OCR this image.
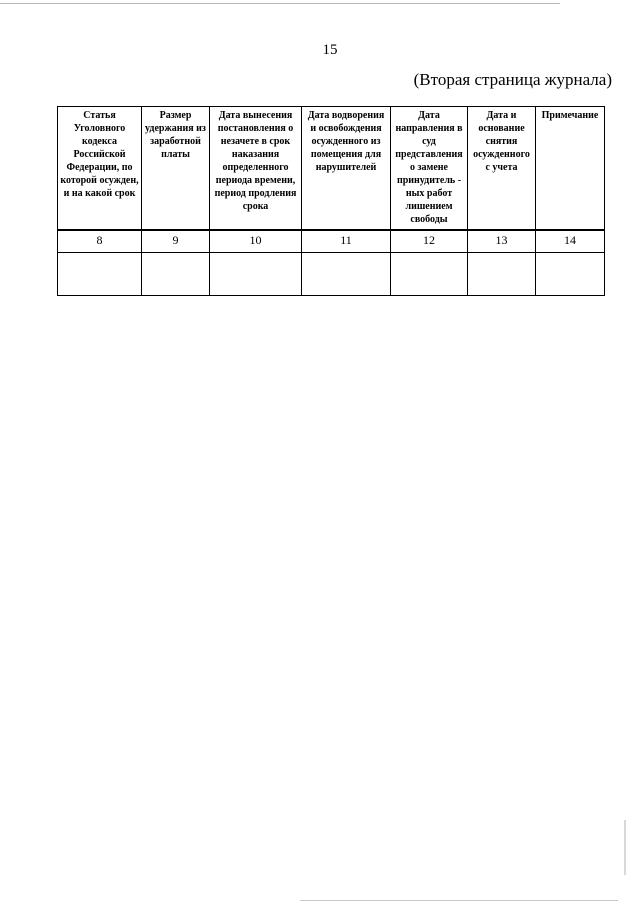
15
(Вторая страница журнала)
Статья Уголовного кодекса Российской Федерации, по которой осужден, и на какой срок	Размер удержания из заработной платы	Дата вынесения постановления о незачете в срок наказания определенного периода времени, период продления срока	Дата водворения и освобождения осужденного из помещения для нарушителей	Дата направления в суд представления о замене принудитель - ных работ лишением свободы	Дата и основание снятия осужденного с учета	Примечание
8	9	10	11	12	13	14
